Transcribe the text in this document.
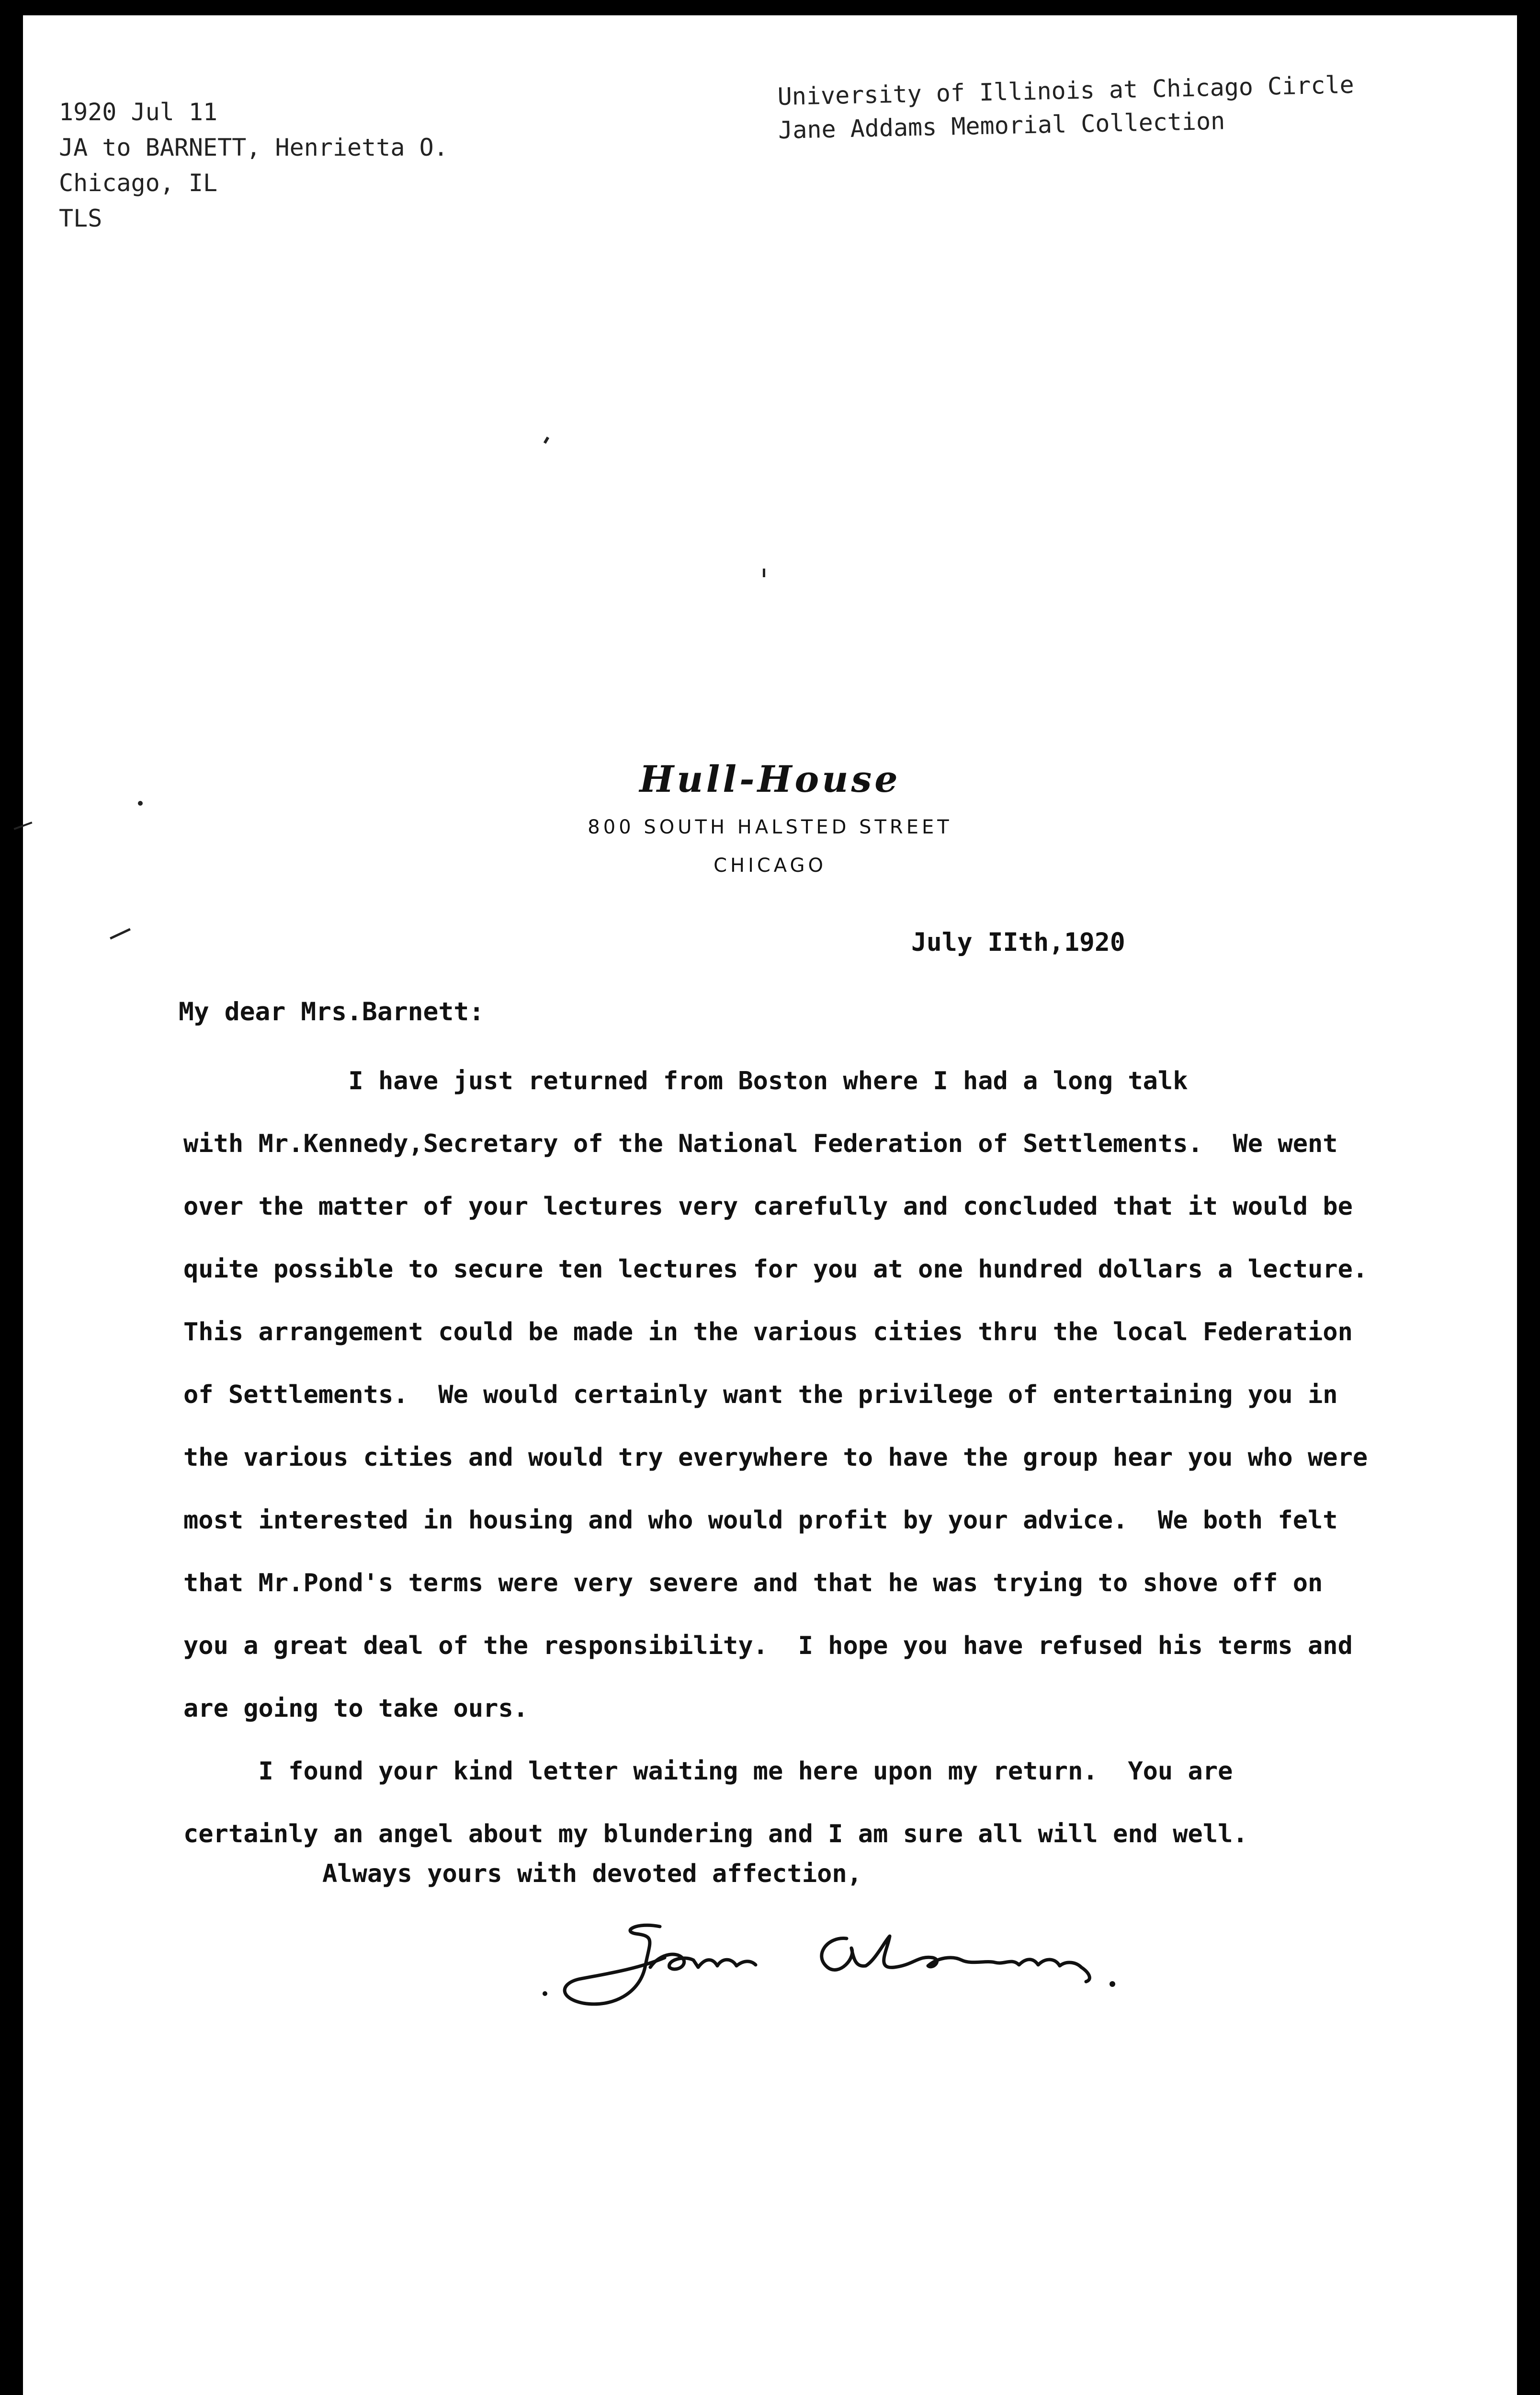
1920 Jul 11
JA to BARNETT, Henrietta O.
Chicago, IL
TLS
University of Illinois at Chicago Circle
Jane Addams Memorial Collection
Hull-House
800 SOUTH HALSTED STREET
CHICAGO
July IIth,1920
My dear Mrs.Barnett:
I have just returned from Boston where I had a long talk
with Mr.Kennedy,Secretary of the National Federation of Settlements.  We went
over the matter of your lectures very carefully and concluded that it would be
quite possible to secure ten lectures for you at one hundred dollars a lecture.
This arrangement could be made in the various cities thru the local Federation
of Settlements.  We would certainly want the privilege of entertaining you in
the various cities and would try everywhere to have the group hear you who were
most interested in housing and who would profit by your advice.  We both felt
that Mr.Pond's terms were very severe and that he was trying to shove off on
you a great deal of the responsibility.  I hope you have refused his terms and
are going to take ours.
I found your kind letter waiting me here upon my return.  You are
certainly an angel about my blundering and I am sure all will end well.
Always yours with devoted affection,
